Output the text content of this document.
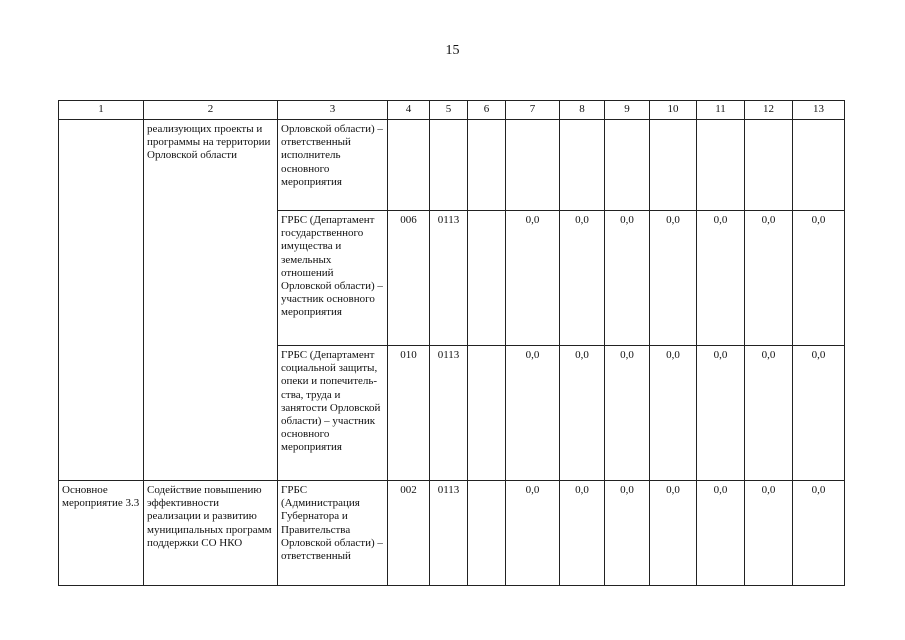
15
1	2	3	4	5	6	7	8	9	10	11	12	13
	реализующих проекты и программы на территории Орловской области	Орловской области) – ответственный исполнитель основного мероприятия										
		ГРБС (Департамент государственного имущества и земельных отношений Орловской области) – участник основного мероприятия	006	0113		0,0	0,0	0,0	0,0	0,0	0,0	0,0
		ГРБС (Департамент социальной защиты, опеки и попечитель-ства, труда и занятости Орловской области) – участник основного мероприятия	010	0113		0,0	0,0	0,0	0,0	0,0	0,0	0,0
Основное мероприятие 3.3	Содействие повышению эффективности реализации и развитию муниципальных программ поддержки СО НКО	ГРБС (Администрация Губернатора и Правительства Орловской области) – ответственный	002	0113		0,0	0,0	0,0	0,0	0,0	0,0	0,0
